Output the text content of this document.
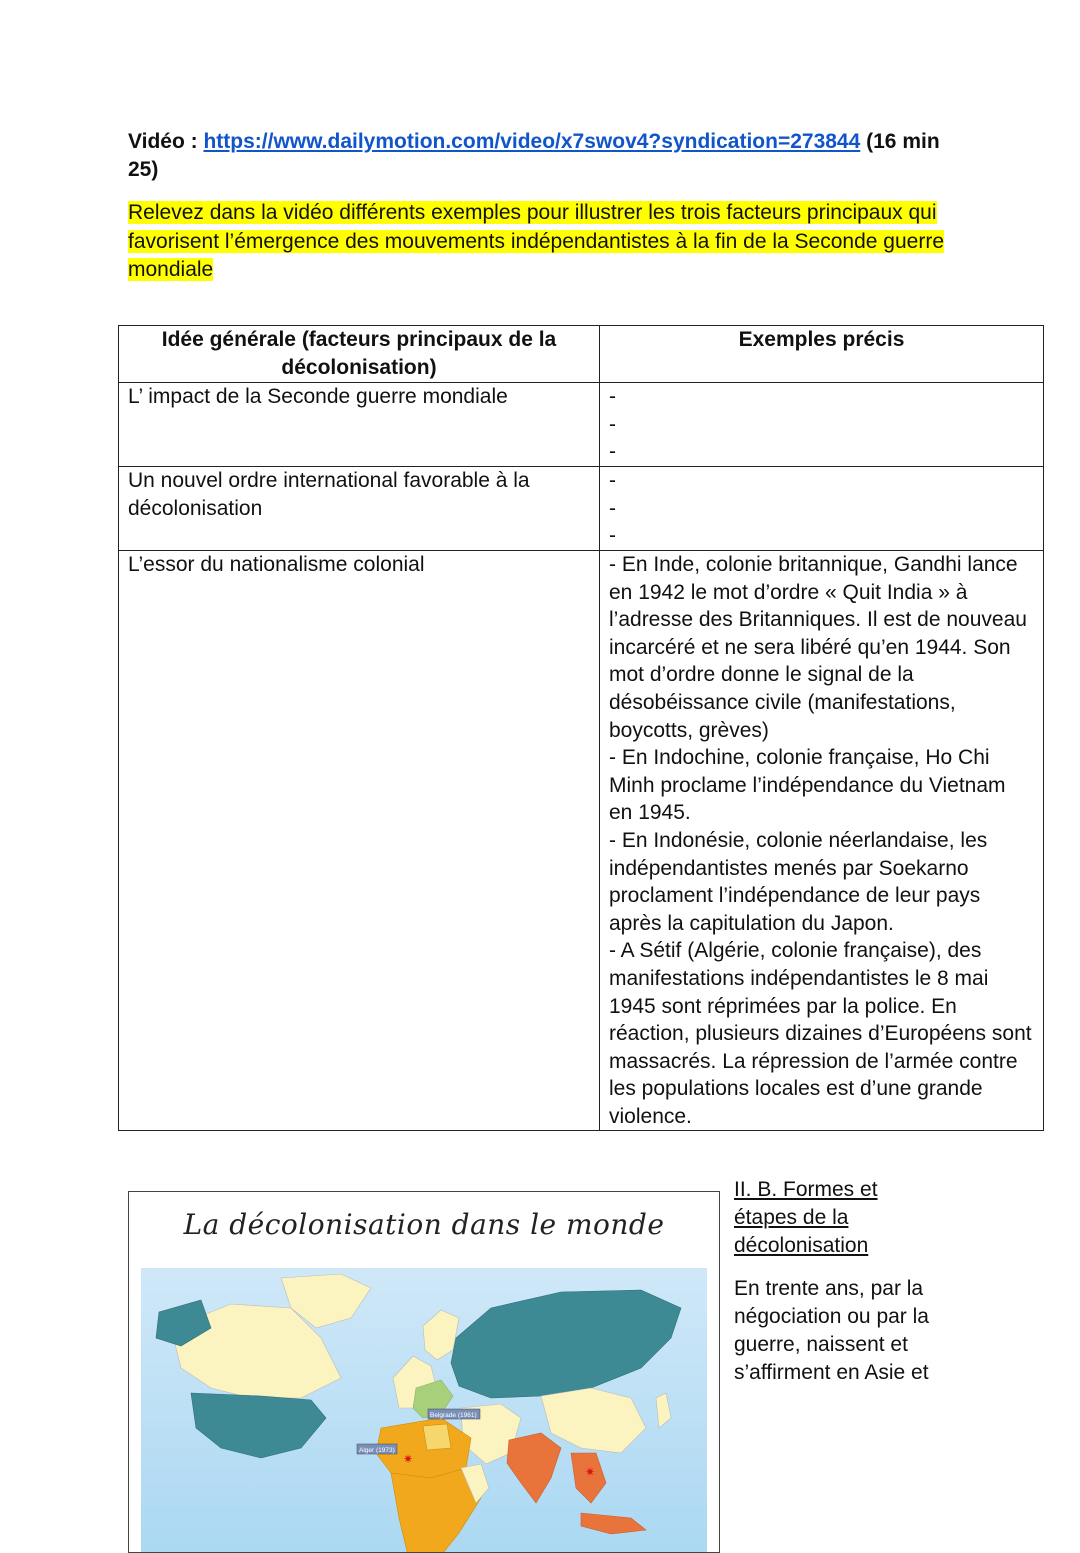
Vidéo : https://www.dailymotion.com/video/x7swov4?syndication=273844 (16 min 25)
Relevez dans la vidéo différents exemples pour illustrer les trois facteurs principaux qui favorisent l’émergence des mouvements indépendantistes à la fin de la Seconde guerre mondiale
Idée générale (facteurs principaux de la décolonisation)	Exemples précis
L’ impact de la Seconde guerre mondiale	-
-
-

Un nouvel ordre international favorable à la décolonisation	-
-
-

L’essor du nationalisme colonial	- En Inde, colonie britannique, Gandhi lance en 1942 le mot d’ordre « Quit India » à l’adresse des Britanniques. Il est de nouveau incarcéré et ne sera libéré qu’en 1944. Son mot d’ordre donne le signal de la désobéissance civile (manifestations, boycotts, grèves)
- En Indochine, colonie française, Ho Chi Minh proclame l’indépendance du Vietnam en 1945.
- En Indonésie, colonie néerlandaise, les indépendantistes menés par Soekarno proclament l’indépendance de leur pays après la capitulation du Japon.
- A Sétif (Algérie, colonie française), des manifestations indépendantistes le 8 mai 1945 sont réprimées par la police. En réaction, plusieurs dizaines d’Européens sont massacrés. La répression de l’armée contre les populations locales est d’une grande violence.
La décolonisation dans le monde
✷
✷
Belgrade (1961)
Alger (1973)
II. B. Formes et étapes de la décolonisation
En trente ans, par la négociation ou par la guerre, naissent et s’affirment en Asie et
